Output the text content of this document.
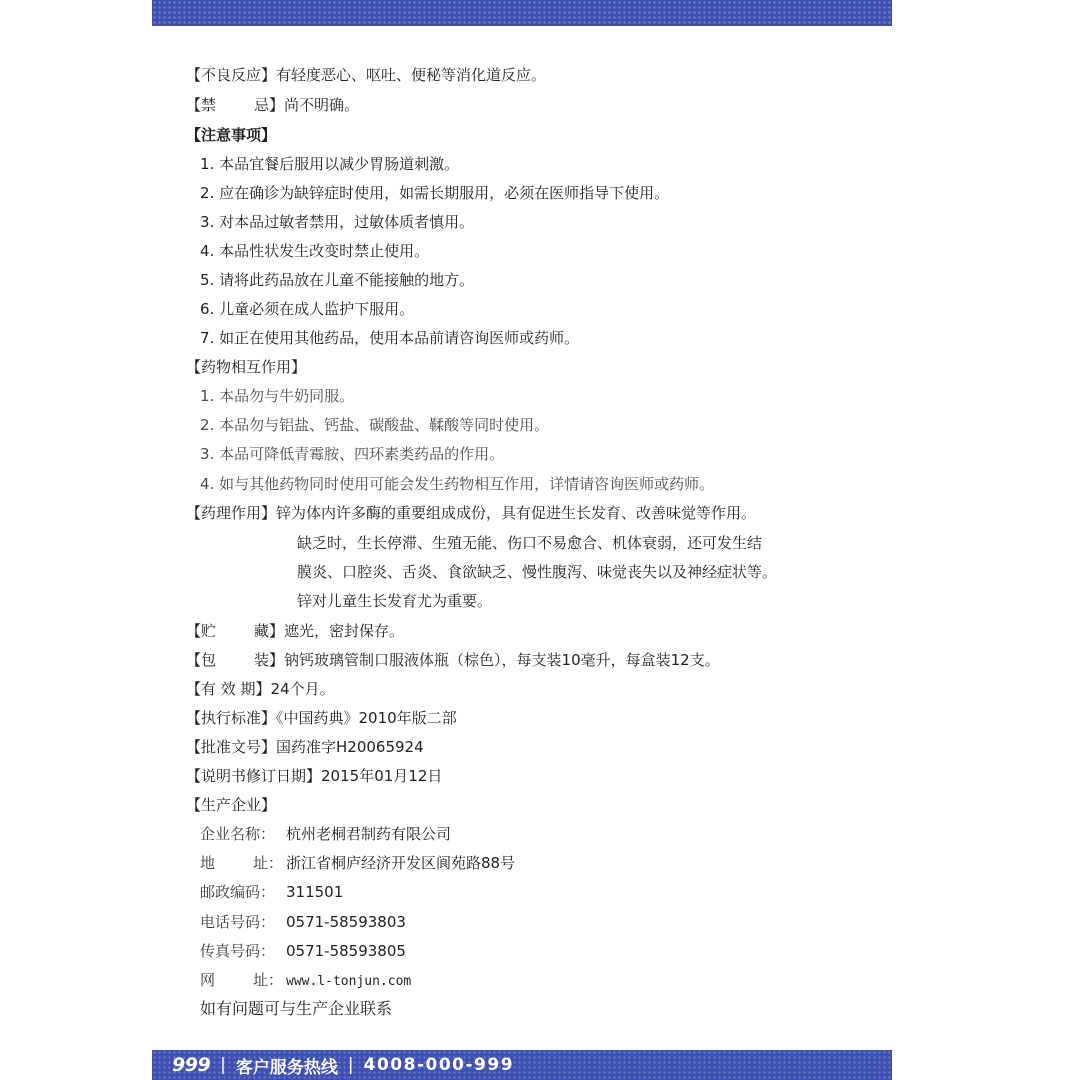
【不良反应】有轻度恶心、呕吐、便秘等消化道反应。
【禁	忌】尚不明确。
【注意事项】
1. 本品宜餐后服用以减少胃肠道刺激。
2. 应在确诊为缺锌症时使用，如需长期服用，必须在医师指导下使用。
3. 对本品过敏者禁用，过敏体质者慎用。
4. 本品性状发生改变时禁止使用。
5. 请将此药品放在儿童不能接触的地方。
6. 儿童必须在成人监护下服用。
7. 如正在使用其他药品，使用本品前请咨询医师或药师。
【药物相互作用】
1. 本品勿与牛奶同服。
2. 本品勿与铝盐、钙盐、碳酸盐、鞣酸等同时使用。
3. 本品可降低青霉胺、四环素类药品的作用。
4. 如与其他药物同时使用可能会发生药物相互作用，详情请咨询医师或药师。
【药理作用】锌为体内许多酶的重要组成成份，具有促进生长发育、改善味觉等作用。
缺乏时，生长停滞、生殖无能、伤口不易愈合、机体衰弱，还可发生结
膜炎、口腔炎、舌炎、食欲缺乏、慢性腹泻、味觉丧失以及神经症状等。
锌对儿童生长发育尤为重要。
【贮	藏】遮光，密封保存。
【包	装】钠钙玻璃管制口服液体瓶（棕色），每支装10毫升，每盒装12支。
【有 效 期】24个月。
【执行标准】《中国药典》2010年版二部
【批准文号】国药准字H20065924
【说明书修订日期】2015年01月12日
【生产企业】
企业名称： 杭州老桐君制药有限公司
地	址： 浙江省桐庐经济开发区阆苑路88号
邮政编码： 311501
电话号码： 0571-58593803
传真号码： 0571-58593805
网	址： www.l-tonjun.com
如有问题可与生产企业联系
999 | 客户服务热线 | 4008-000-999
